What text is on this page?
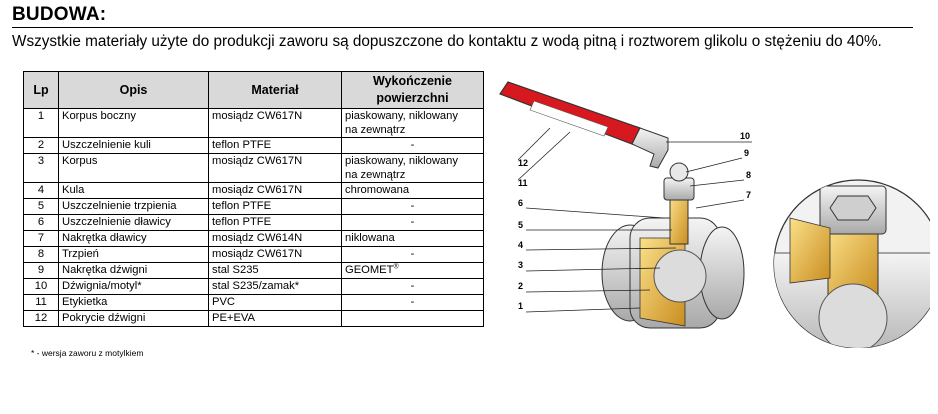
BUDOWA:
Wszystkie materiały użyte do produkcji zaworu są dopuszczone do kontaktu z wodą pitną i roztworem glikolu o stężeniu do 40%.
Lp	Opis	Materiał	Wykończenie
powierzchni
1	Korpus boczny	mosiądz CW617N	piaskowany, niklowany
na zewnątrz
2	Uszczelnienie kuli	teflon PTFE	-
3	Korpus	mosiądz CW617N	piaskowany, niklowany
na zewnątrz
4	Kula	mosiądz CW617N	chromowana
5	Uszczelnienie trzpienia	teflon PTFE	-
6	Uszczelnienie dławicy	teflon PTFE	-
7	Nakrętka dławicy	mosiądz CW614N	niklowana
8	Trzpień	mosiądz CW617N	-
9	Nakrętka dźwigni	stal S235	GEOMET®
10	Dźwignia/motyl*	stal S235/zamak*	-
11	Etykietka	PVC	-
12	Pokrycie dźwigni	PE+EVA	
* - wersja zaworu z motylkiem
10
9
8
7
6
5
4
3
2
1
12
11
